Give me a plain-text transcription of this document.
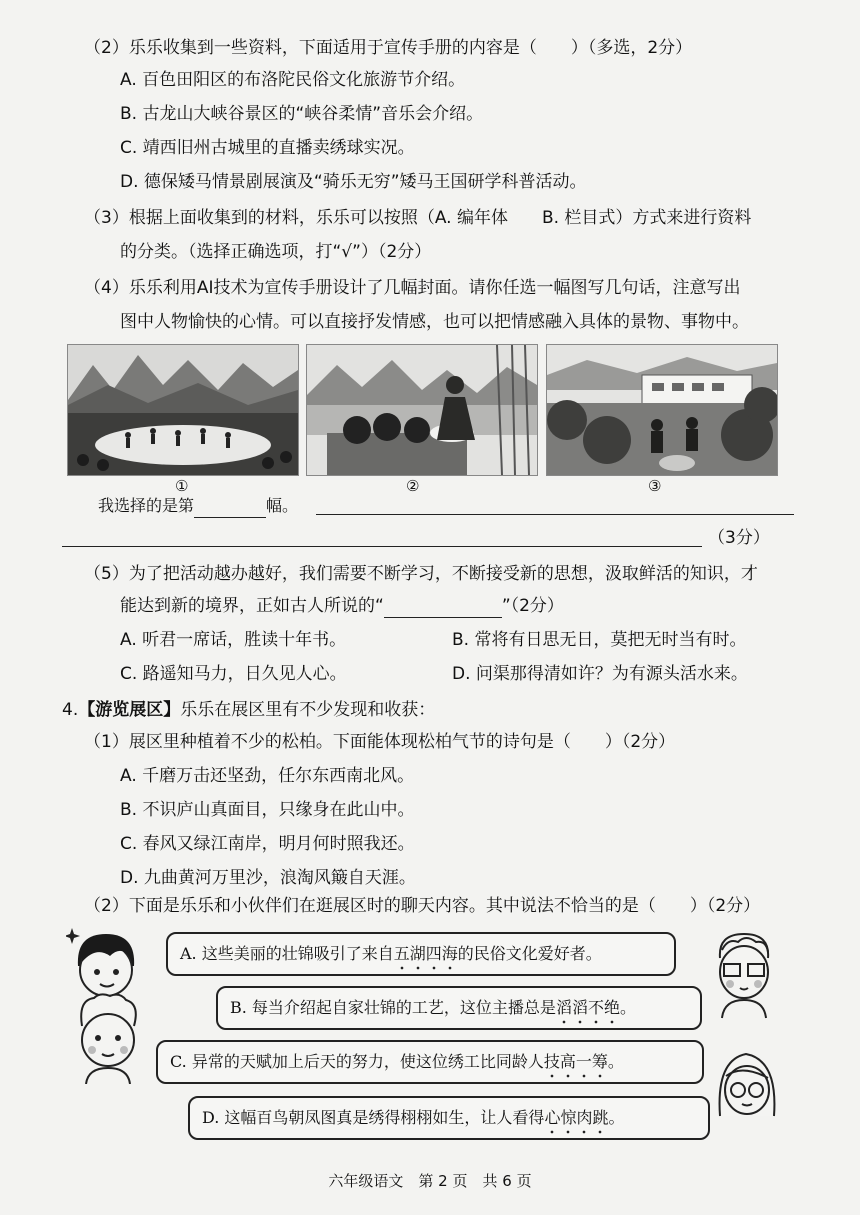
（2）乐乐收集到一些资料，下面适用于宣传手册的内容是（　　）（多选，2分）
A. 百色田阳区的布洛陀民俗文化旅游节介绍。
B. 古龙山大峡谷景区的“峡谷柔情”音乐会介绍。
C. 靖西旧州古城里的直播卖绣球实况。
D. 德保矮马情景剧展演及“骑乐无穷”矮马王国研学科普活动。
（3）根据上面收集到的材料，乐乐可以按照（A. 编年体　　B. 栏目式）方式来进行资料
的分类。（选择正确选项，打“√”）（2分）
（4）乐乐利用AI技术为宣传手册设计了几幅封面。请你任选一幅图写几句话，注意写出
图中人物愉快的心情。可以直接抒发情感，也可以把情感融入具体的景物、事物中。
①	②	③
我选择的是第	幅。
（3分）
（5）为了把活动越办越好，我们需要不断学习，不断接受新的思想，汲取鲜活的知识，才
能达到新的境界，正如古人所说的“	”（2分）
A. 听君一席话，胜读十年书。	B. 常将有日思无日，莫把无时当有时。
C. 路遥知马力，日久见人心。	D. 问渠那得清如许？为有源头活水来。
4.【游览展区】乐乐在展区里有不少发现和收获：
（1）展区里种植着不少的松柏。下面能体现松柏气节的诗句是（　　）（2分）
A. 千磨万击还坚劲，任尔东西南北风。
B. 不识庐山真面目，只缘身在此山中。
C. 春风又绿江南岸，明月何时照我还。
D. 九曲黄河万里沙，浪淘风簸自天涯。
（2）下面是乐乐和小伙伴们在逛展区时的聊天内容。其中说法不恰当的是（　　）（2分）
A. 这些美丽的壮锦吸引了来自五湖四海的民俗文化爱好者。
B. 每当介绍起自家壮锦的工艺，这位主播总是滔滔不绝。
C. 异常的天赋加上后天的努力，使这位绣工比同龄人技高一筹。
D. 这幅百鸟朝凤图真是绣得栩栩如生，让人看得心惊肉跳。
六年级语文　第 2 页　共 6 页
